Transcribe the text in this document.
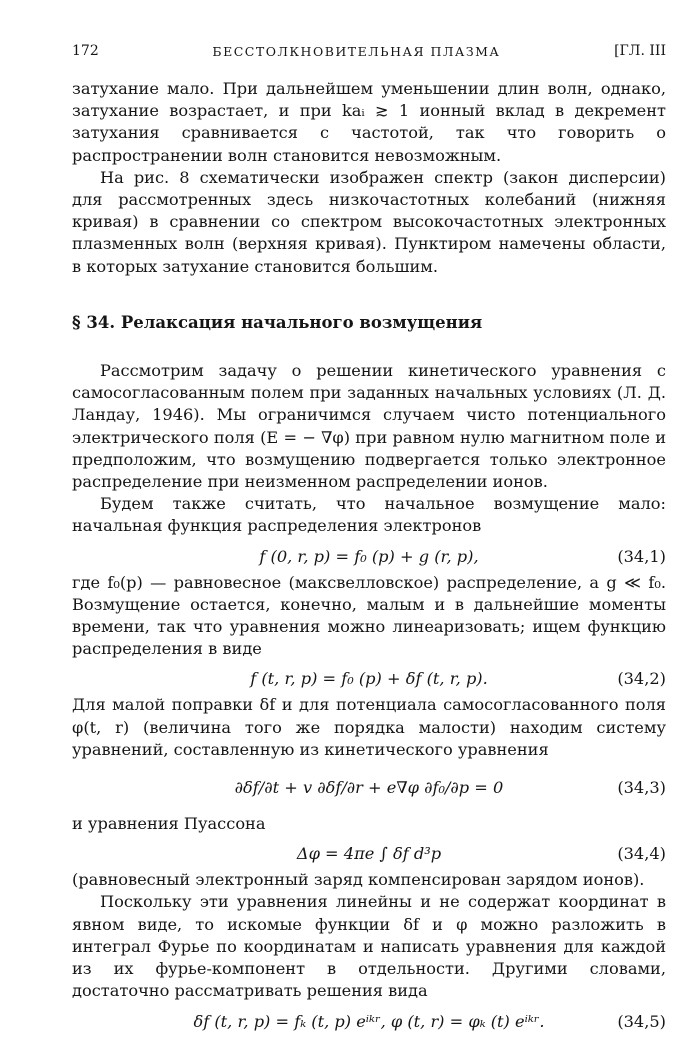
172	БЕССТОЛКНОВИТЕЛЬНАЯ ПЛАЗМА	[ГЛ. III

затухание мало. При дальнейшем уменьшении длин волн, однако, затухание возрастает, и при kaᵢ ≳ 1 ионный вклад в декремент затухания сравнивается с частотой, так что говорить о распространении волн становится невозможным.

На рис. 8 схематически изображен спектр (закон дисперсии) для рассмотренных здесь низкочастотных колебаний (нижняя кривая) в сравнении со спектром высокочастотных электронных плазменных волн (верхняя кривая). Пунктиром намечены области, в которых затухание становится большим.

§ 34. Релаксация начального возмущения

Рассмотрим задачу о решении кинетического уравнения с самосогласованным полем при заданных начальных условиях (Л. Д. Ландау, 1946). Мы ограничимся случаем чисто потенциального электрического поля (E = − ∇φ) при равном нулю магнитном поле и предположим, что возмущению подвергается только электронное распределение при неизменном распределении ионов.

Будем также считать, что начальное возмущение мало: начальная функция распределения электронов

f (0, r, p) = f₀ (p) + g (r, p),	(34,1)

где f₀(p) — равновесное (максвелловское) распределение, а g ≪ f₀. Возмущение остается, конечно, малым и в дальнейшие моменты времени, так что уравнения можно линеаризовать; ищем функцию распределения в виде

f (t, r, p) = f₀ (p) + δf (t, r, p).	(34,2)

Для малой поправки δf и для потенциала самосогласованного поля φ(t, r) (величина того же порядка малости) находим систему уравнений, составленную из кинетического уравнения

∂δf/∂t + v ∂δf/∂r + e∇φ ∂f₀/∂p = 0	(34,3)

и уравнения Пуассона

Δφ = 4πe ∫ δf d³p	(34,4)

(равновесный электронный заряд компенсирован зарядом ионов).

Поскольку эти уравнения линейны и не содержат координат в явном виде, то искомые функции δf и φ можно разложить в интеграл Фурье по координатам и написать уравнения для каждой из их фурье-компонент в отдельности. Другими словами, достаточно рассматривать решения вида

δf (t, r, p) = fₖ (t, p) eⁱᵏʳ, φ (t, r) = φₖ (t) eⁱᵏʳ.	(34,5)
